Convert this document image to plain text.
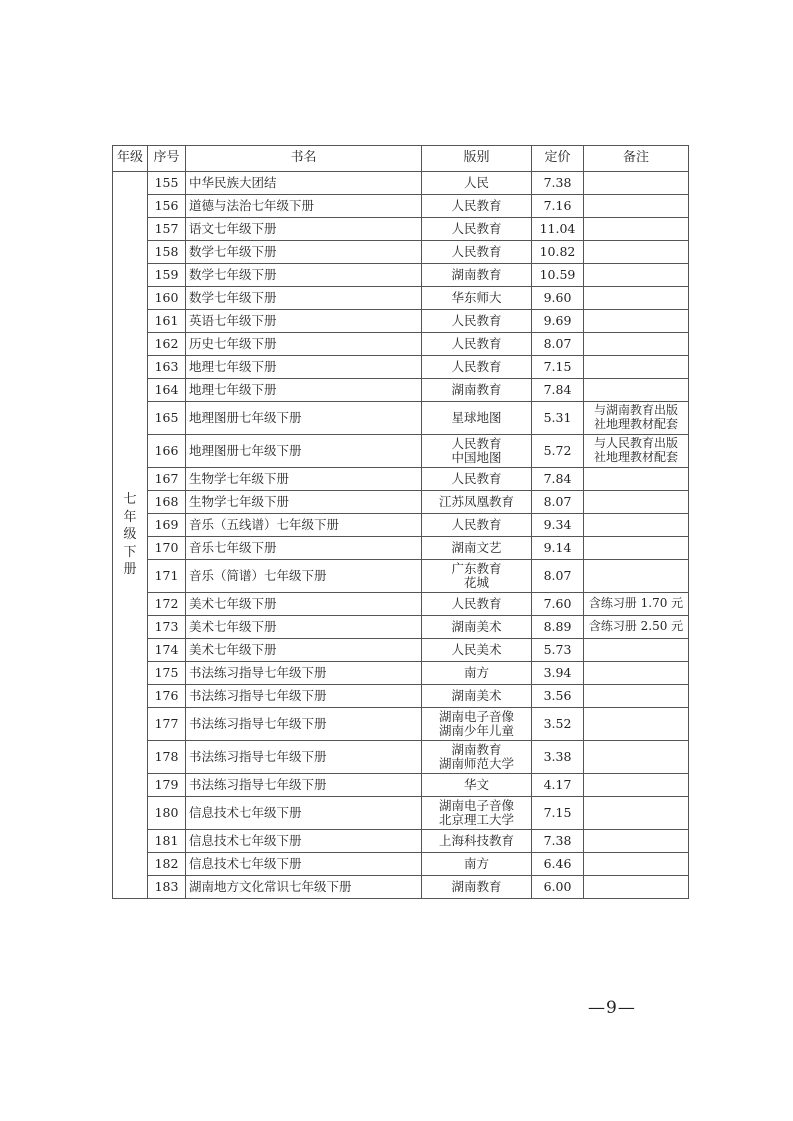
年级	序号	书名	版别	定价	备注
七年级下册	155	中华民族大团结	人民	7.38	
	156	道德与法治七年级下册	人民教育	7.16	
	157	语文七年级下册	人民教育	11.04	
	158	数学七年级下册	人民教育	10.82	
	159	数学七年级下册	湖南教育	10.59	
	160	数学七年级下册	华东师大	9.60	
	161	英语七年级下册	人民教育	9.69	
	162	历史七年级下册	人民教育	8.07	
	163	地理七年级下册	人民教育	7.15	
	164	地理七年级下册	湖南教育	7.84	
	165	地理图册七年级下册	星球地图	5.31	与湖南教育出版
社地理教材配套
	166	地理图册七年级下册	人民教育
中国地图	5.72	与人民教育出版
社地理教材配套
	167	生物学七年级下册	人民教育	7.84	
	168	生物学七年级下册	江苏凤凰教育	8.07	
	169	音乐（五线谱）七年级下册	人民教育	9.34	
	170	音乐七年级下册	湖南文艺	9.14	
	171	音乐（简谱）七年级下册	广东教育
花城	8.07	
	172	美术七年级下册	人民教育	7.60	含练习册 1.70 元
	173	美术七年级下册	湖南美术	8.89	含练习册 2.50 元
	174	美术七年级下册	人民美术	5.73	
	175	书法练习指导七年级下册	南方	3.94	
	176	书法练习指导七年级下册	湖南美术	3.56	
	177	书法练习指导七年级下册	湖南电子音像
湖南少年儿童	3.52	
	178	书法练习指导七年级下册	湖南教育
湖南师范大学	3.38	
	179	书法练习指导七年级下册	华文	4.17	
	180	信息技术七年级下册	湖南电子音像
北京理工大学	7.15	
	181	信息技术七年级下册	上海科技教育	7.38	
	182	信息技术七年级下册	南方	6.46	
	183	湖南地方文化常识七年级下册	湖南教育	6.00	
—9—
